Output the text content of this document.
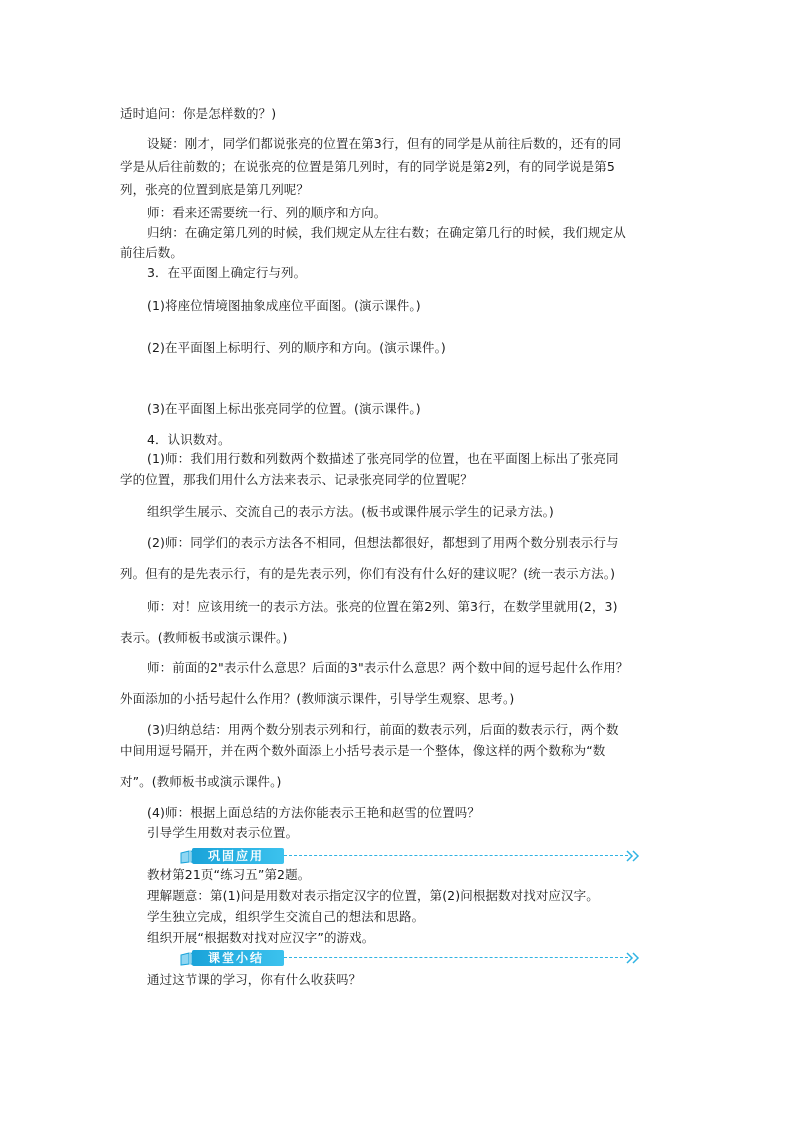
适时追问：你是怎样数的？)

设疑：刚才，同学们都说张亮的位置在第3行，但有的同学是从前往后数的，还有的同

学是从后往前数的；在说张亮的位置是第几列时，有的同学说是第2列，有的同学说是第5

列，张亮的位置到底是第几列呢？

师：看来还需要统一行、列的顺序和方向。

归纳：在确定第几列的时候，我们规定从左往右数；在确定第几行的时候，我们规定从

前往后数。

3．在平面图上确定行与列。

(1)将座位情境图抽象成座位平面图。(演示课件。)

(2)在平面图上标明行、列的顺序和方向。(演示课件。)

(3)在平面图上标出张亮同学的位置。(演示课件。)

4．认识数对。

(1)师：我们用行数和列数两个数描述了张亮同学的位置，也在平面图上标出了张亮同

学的位置，那我们用什么方法来表示、记录张亮同学的位置呢？

组织学生展示、交流自己的表示方法。(板书或课件展示学生的记录方法。)

(2)师：同学们的表示方法各不相同，但想法都很好，都想到了用两个数分别表示行与

列。但有的是先表示行，有的是先表示列，你们有没有什么好的建议呢？(统一表示方法。)

师：对！应该用统一的表示方法。张亮的位置在第2列、第3行，在数学里就用(2，3)

表示。(教师板书或演示课件。)

师：前面的2"表示什么意思？后面的3"表示什么意思？两个数中间的逗号起什么作用？

外面添加的小括号起什么作用？(教师演示课件，引导学生观察、思考。)

(3)归纳总结：用两个数分别表示列和行，前面的数表示列，后面的数表示行，两个数

中间用逗号隔开，并在两个数外面添上小括号表示是一个整体，像这样的两个数称为“数

对”。(教师板书或演示课件。)

(4)师：根据上面总结的方法你能表示王艳和赵雪的位置吗？

引导学生用数对表示位置。

巩固应用

教材第21页“练习五”第2题。

理解题意：第(1)问是用数对表示指定汉字的位置，第(2)问根据数对找对应汉字。

学生独立完成，组织学生交流自己的想法和思路。

组织开展“根据数对找对应汉字”的游戏。

课堂小结

通过这节课的学习，你有什么收获吗？
